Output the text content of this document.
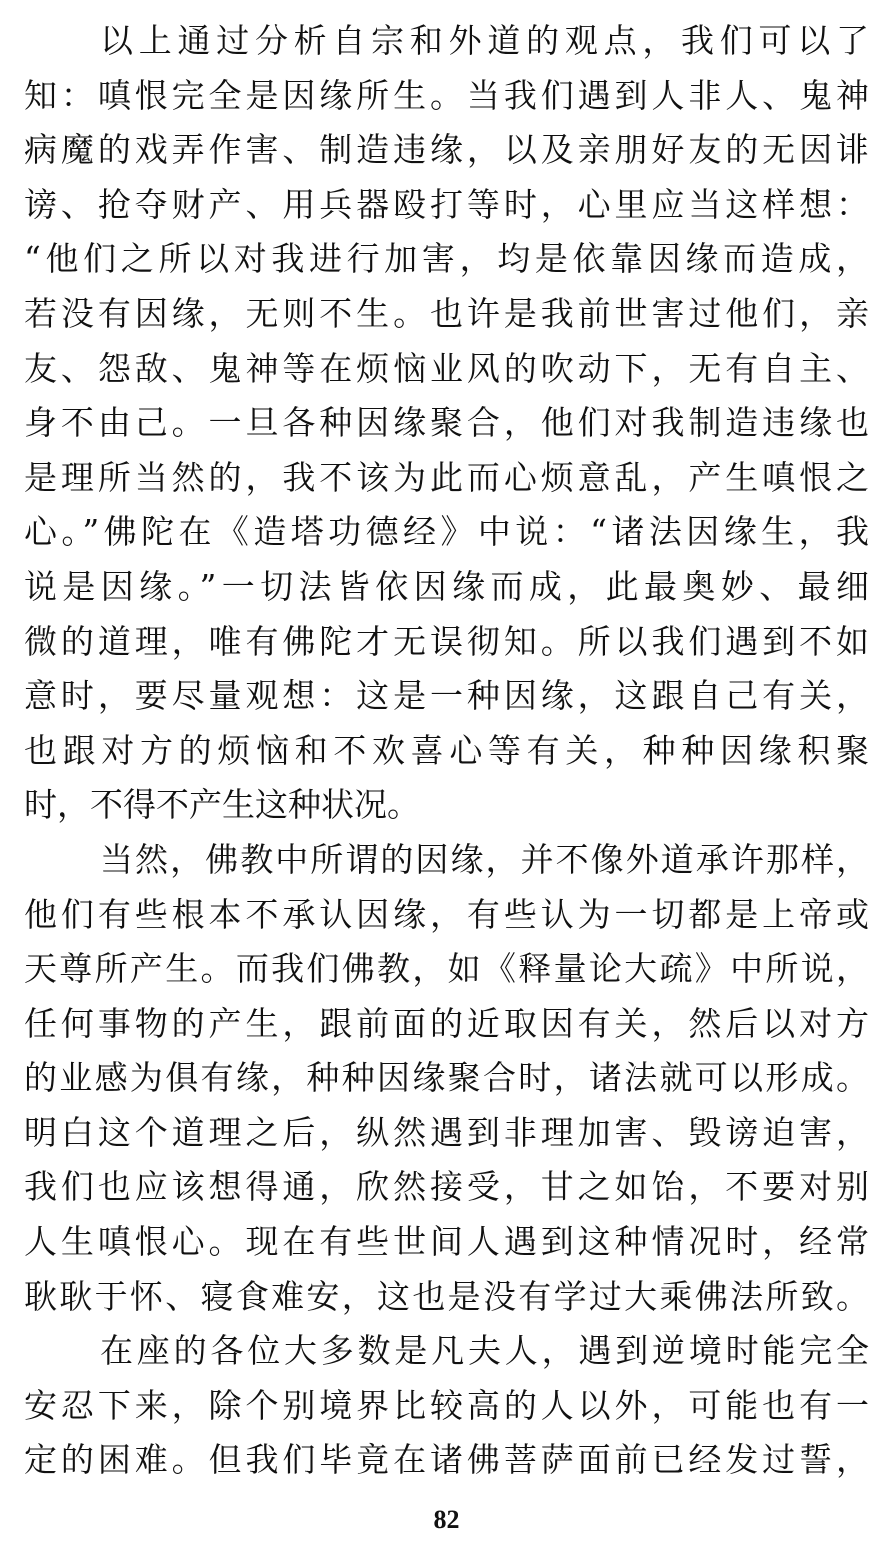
以上通过分析自宗和外道的观点，我们可以了
知：嗔恨完全是因缘所生。当我们遇到人非人、鬼神
病魔的戏弄作害、制造违缘，以及亲朋好友的无因诽
谤、抢夺财产、用兵器殴打等时，心里应当这样想：
“他们之所以对我进行加害，均是依靠因缘而造成，
若没有因缘，无则不生。也许是我前世害过他们，亲
友、怨敌、鬼神等在烦恼业风的吹动下，无有自主、
身不由己。一旦各种因缘聚合，他们对我制造违缘也
是理所当然的，我不该为此而心烦意乱，产生嗔恨之
心。”佛陀在《造塔功德经》中说：“诸法因缘生，我
说是因缘。”一切法皆依因缘而成，此最奥妙、最细
微的道理，唯有佛陀才无误彻知。所以我们遇到不如
意时，要尽量观想：这是一种因缘，这跟自己有关，
也跟对方的烦恼和不欢喜心等有关，种种因缘积聚
时，不得不产生这种状况。
当然，佛教中所谓的因缘，并不像外道承许那样，
他们有些根本不承认因缘，有些认为一切都是上帝或
天尊所产生。而我们佛教，如《释量论大疏》中所说，
任何事物的产生，跟前面的近取因有关，然后以对方
的业感为俱有缘，种种因缘聚合时，诸法就可以形成。
明白这个道理之后，纵然遇到非理加害、毁谤迫害，
我们也应该想得通，欣然接受，甘之如饴，不要对别
人生嗔恨心。现在有些世间人遇到这种情况时，经常
耿耿于怀、寝食难安，这也是没有学过大乘佛法所致。
在座的各位大多数是凡夫人，遇到逆境时能完全
安忍下来，除个别境界比较高的人以外，可能也有一
定的困难。但我们毕竟在诸佛菩萨面前已经发过誓，
82
